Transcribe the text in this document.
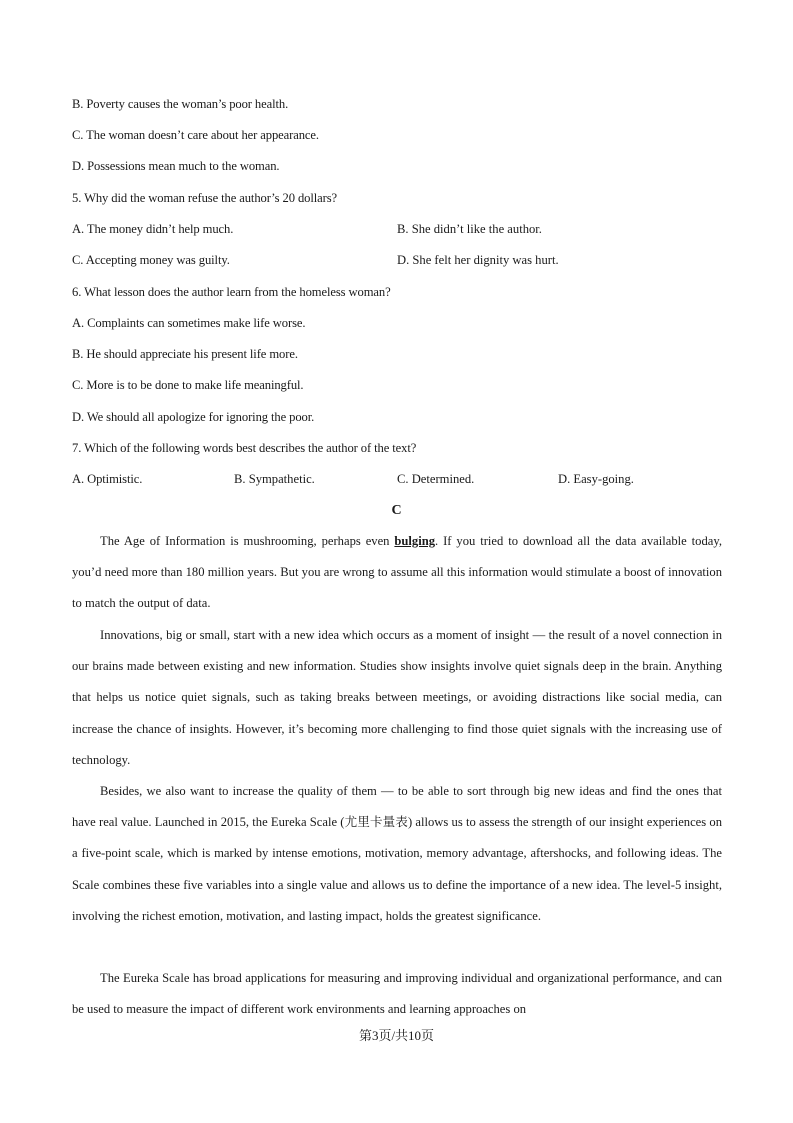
B. Poverty causes the woman’s poor health.
C. The woman doesn’t care about her appearance.
D. Possessions mean much to the woman.
5. Why did the woman refuse the author’s 20 dollars?
A. The money didn’t help much.	B. She didn’t like the author.
C. Accepting money was guilty.	D. She felt her dignity was hurt.
6. What lesson does the author learn from the homeless woman?
A. Complaints can sometimes make life worse.
B. He should appreciate his present life more.
C. More is to be done to make life meaningful.
D. We should all apologize for ignoring the poor.
7. Which of the following words best describes the author of the text?
A. Optimistic.	B. Sympathetic.	C. Determined.	D. Easy-going.
C

The Age of Information is mushrooming, perhaps even bulging. If you tried to download all the data available today, you’d need more than 180 million years. But you are wrong to assume all this information would stimulate a boost of innovation to match the output of data.

Innovations, big or small, start with a new idea which occurs as a moment of insight — the result of a novel connection in our brains made between existing and new information. Studies show insights involve quiet signals deep in the brain. Anything that helps us notice quiet signals, such as taking breaks between meetings, or avoiding distractions like social media, can increase the chance of insights. However, it’s becoming more challenging to find those quiet signals with the increasing use of technology.

Besides, we also want to increase the quality of them — to be able to sort through big new ideas and find the ones that have real value. Launched in 2015, the Eureka Scale (尤里卡量表) allows us to assess the strength of our insight experiences on a five-point scale, which is marked by intense emotions, motivation, memory advantage, aftershocks, and following ideas. The Scale combines these five variables into a single value and allows us to define the importance of a new idea. The level-5 insight, involving the richest emotion, motivation, and lasting impact, holds the greatest significance.

The Eureka Scale has broad applications for measuring and improving individual and organizational performance, and can be used to measure the impact of different work environments and learning approaches on

第3页/共10页
